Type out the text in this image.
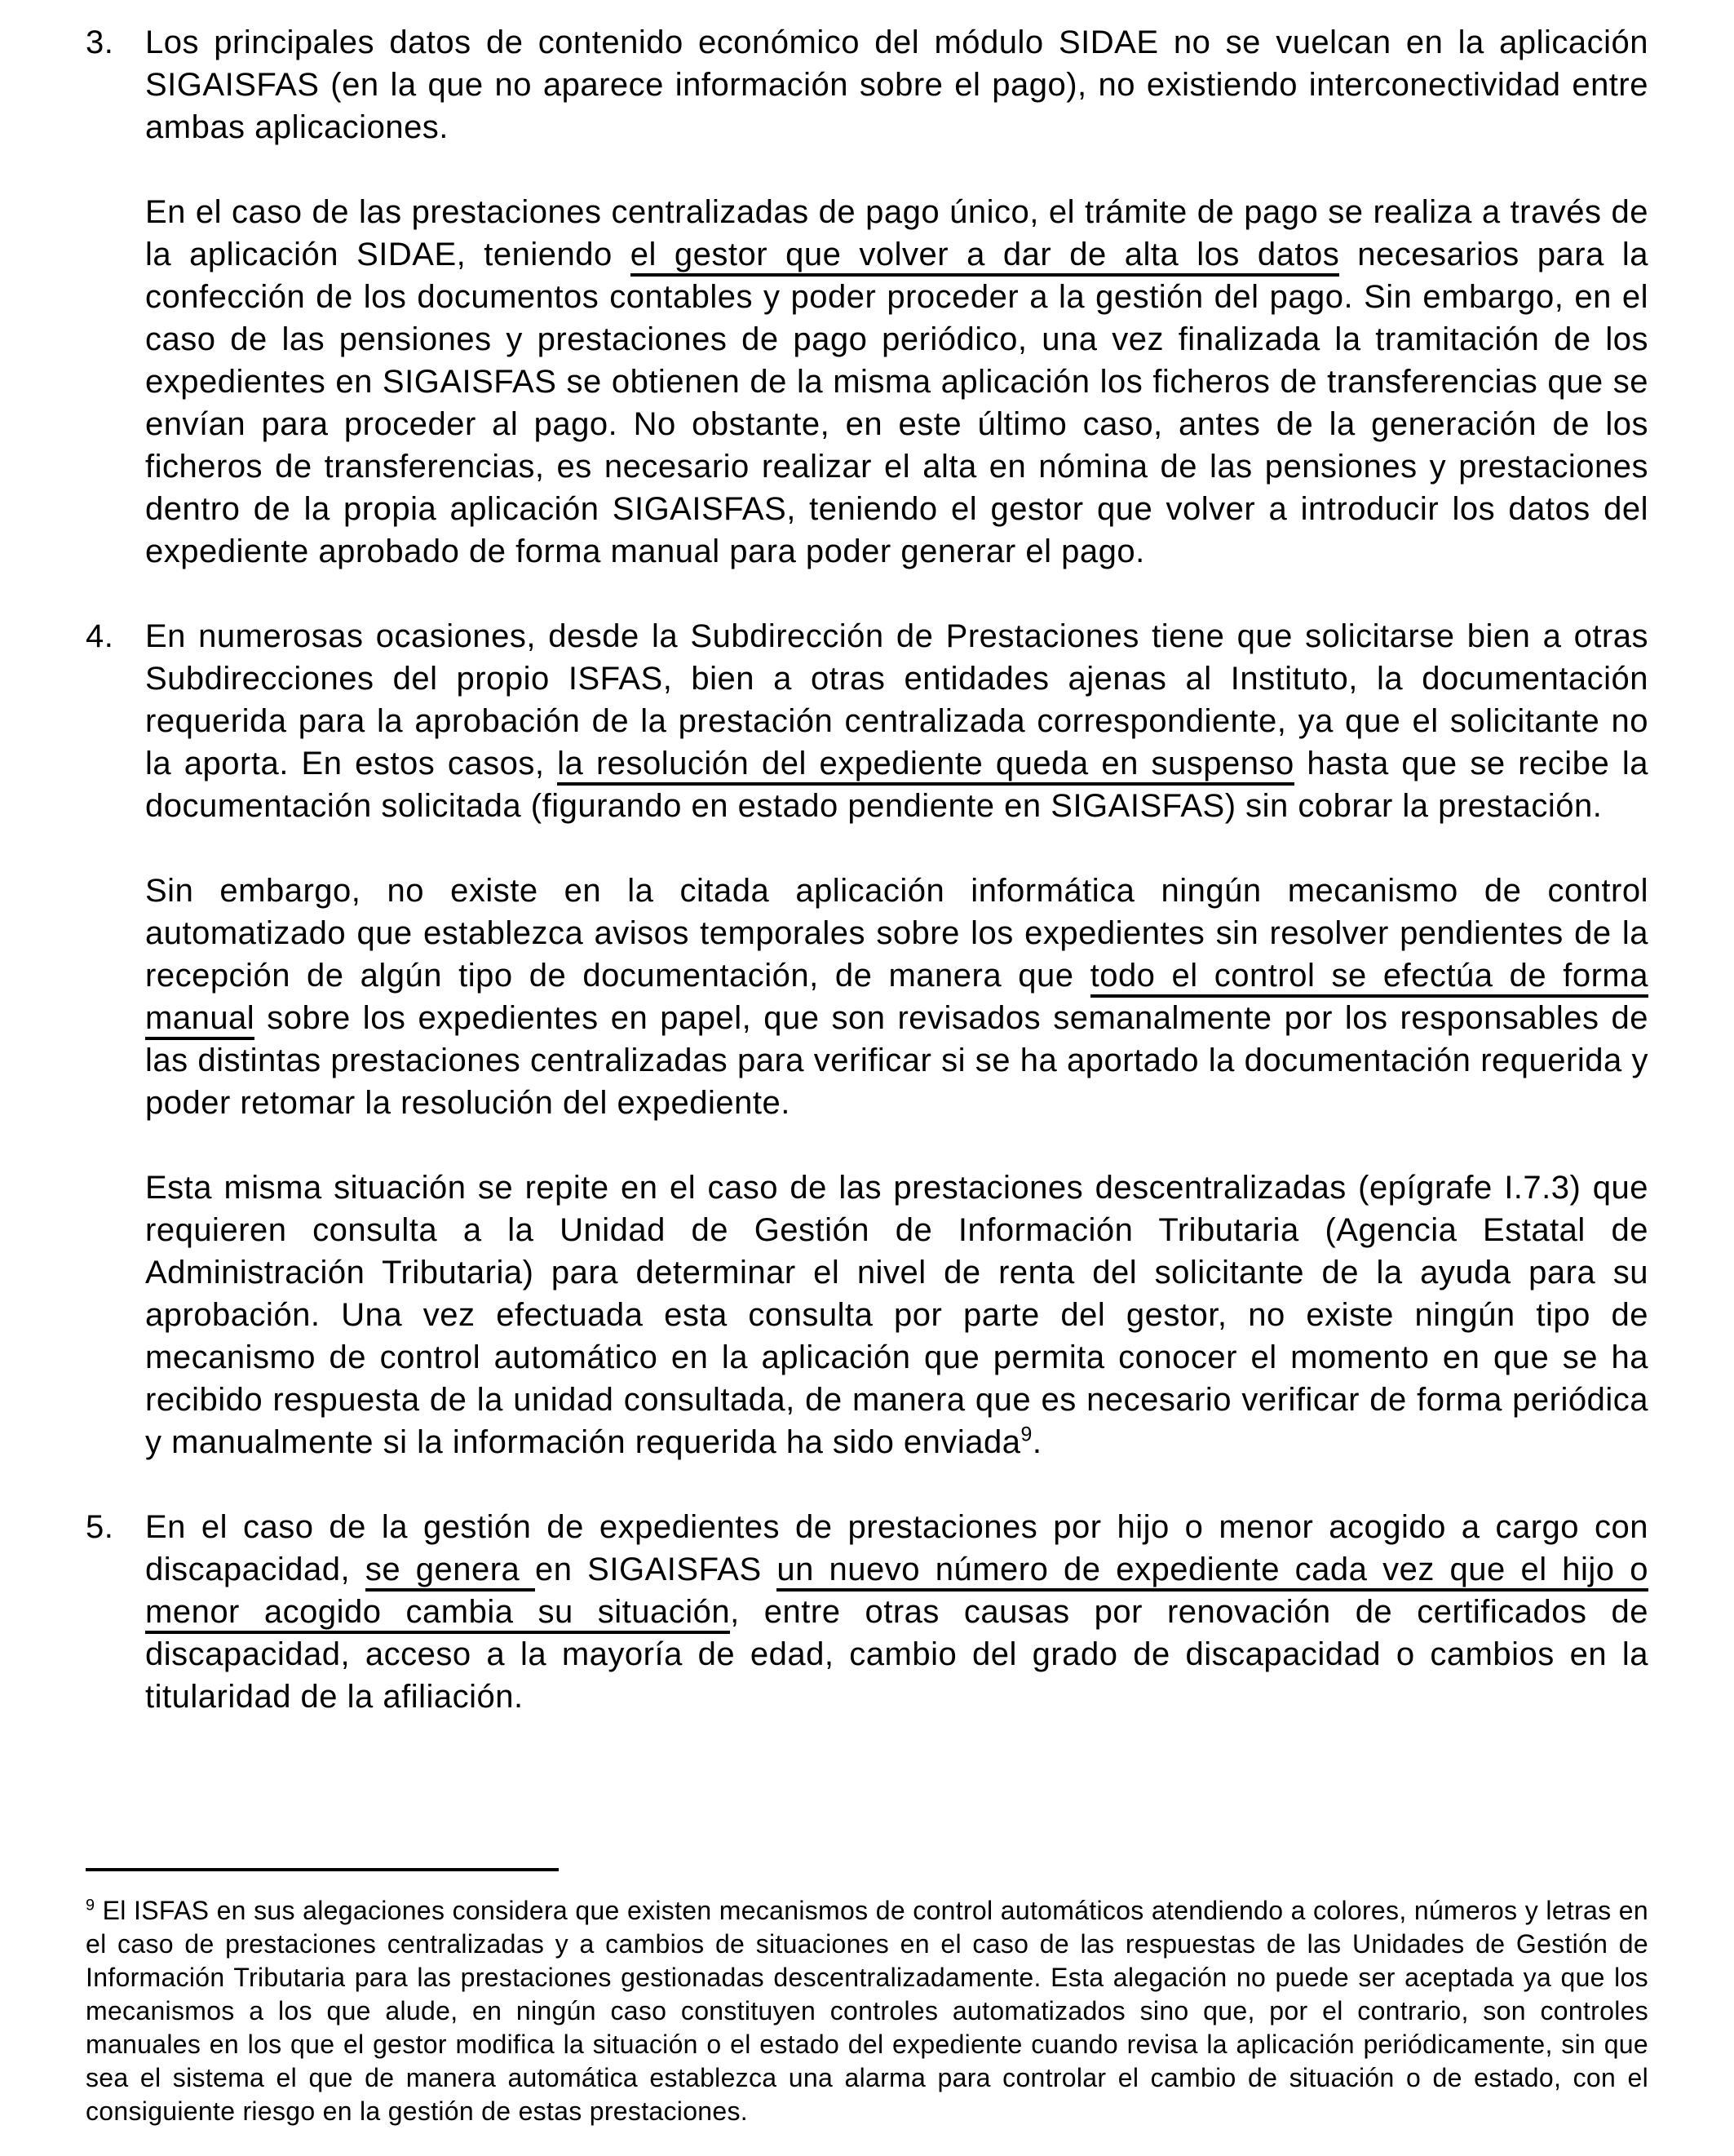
3. Los principales datos de contenido económico del módulo SIDAE no se vuelcan en la aplicación SIGAISFAS (en la que no aparece información sobre el pago), no existiendo interconectividad entre ambas aplicaciones.

En el caso de las prestaciones centralizadas de pago único, el trámite de pago se realiza a través de la aplicación SIDAE, teniendo el gestor que volver a dar de alta los datos necesarios para la confección de los documentos contables y poder proceder a la gestión del pago. Sin embargo, en el caso de las pensiones y prestaciones de pago periódico, una vez finalizada la tramitación de los expedientes en SIGAISFAS se obtienen de la misma aplicación los ficheros de transferencias que se envían para proceder al pago. No obstante, en este último caso, antes de la generación de los ficheros de transferencias, es necesario realizar el alta en nómina de las pensiones y prestaciones dentro de la propia aplicación SIGAISFAS, teniendo el gestor que volver a introducir los datos del expediente aprobado de forma manual para poder generar el pago.

4. En numerosas ocasiones, desde la Subdirección de Prestaciones tiene que solicitarse bien a otras Subdirecciones del propio ISFAS, bien a otras entidades ajenas al Instituto, la documentación requerida para la aprobación de la prestación centralizada correspondiente, ya que el solicitante no la aporta. En estos casos, la resolución del expediente queda en suspenso hasta que se recibe la documentación solicitada (figurando en estado pendiente en SIGAISFAS) sin cobrar la prestación.

Sin embargo, no existe en la citada aplicación informática ningún mecanismo de control automatizado que establezca avisos temporales sobre los expedientes sin resolver pendientes de la recepción de algún tipo de documentación, de manera que todo el control se efectúa de forma manual sobre los expedientes en papel, que son revisados semanalmente por los responsables de las distintas prestaciones centralizadas para verificar si se ha aportado la documentación requerida y poder retomar la resolución del expediente.

Esta misma situación se repite en el caso de las prestaciones descentralizadas (epígrafe I.7.3) que requieren consulta a la Unidad de Gestión de Información Tributaria (Agencia Estatal de Administración Tributaria) para determinar el nivel de renta del solicitante de la ayuda para su aprobación. Una vez efectuada esta consulta por parte del gestor, no existe ningún tipo de mecanismo de control automático en la aplicación que permita conocer el momento en que se ha recibido respuesta de la unidad consultada, de manera que es necesario verificar de forma periódica y manualmente si la información requerida ha sido enviada$^9$.

5. En el caso de la gestión de expedientes de prestaciones por hijo o menor acogido a cargo con discapacidad, se genera en SIGAISFAS un nuevo número de expediente cada vez que el hijo o menor acogido cambia su situación, entre otras causas por renovación de certificados de discapacidad, acceso a la mayoría de edad, cambio del grado de discapacidad o cambios en la titularidad de la afiliación.

$^9$ El ISFAS en sus alegaciones considera que existen mecanismos de control automáticos atendiendo a colores, números y letras en el caso de prestaciones centralizadas y a cambios de situaciones en el caso de las respuestas de las Unidades de Gestión de Información Tributaria para las prestaciones gestionadas descentralizadamente. Esta alegación no puede ser aceptada ya que los mecanismos a los que alude, en ningún caso constituyen controles automatizados sino que, por el contrario, son controles manuales en los que el gestor modifica la situación o el estado del expediente cuando revisa la aplicación periódicamente, sin que sea el sistema el que de manera automática establezca una alarma para controlar el cambio de situación o de estado, con el consiguiente riesgo en la gestión de estas prestaciones.
